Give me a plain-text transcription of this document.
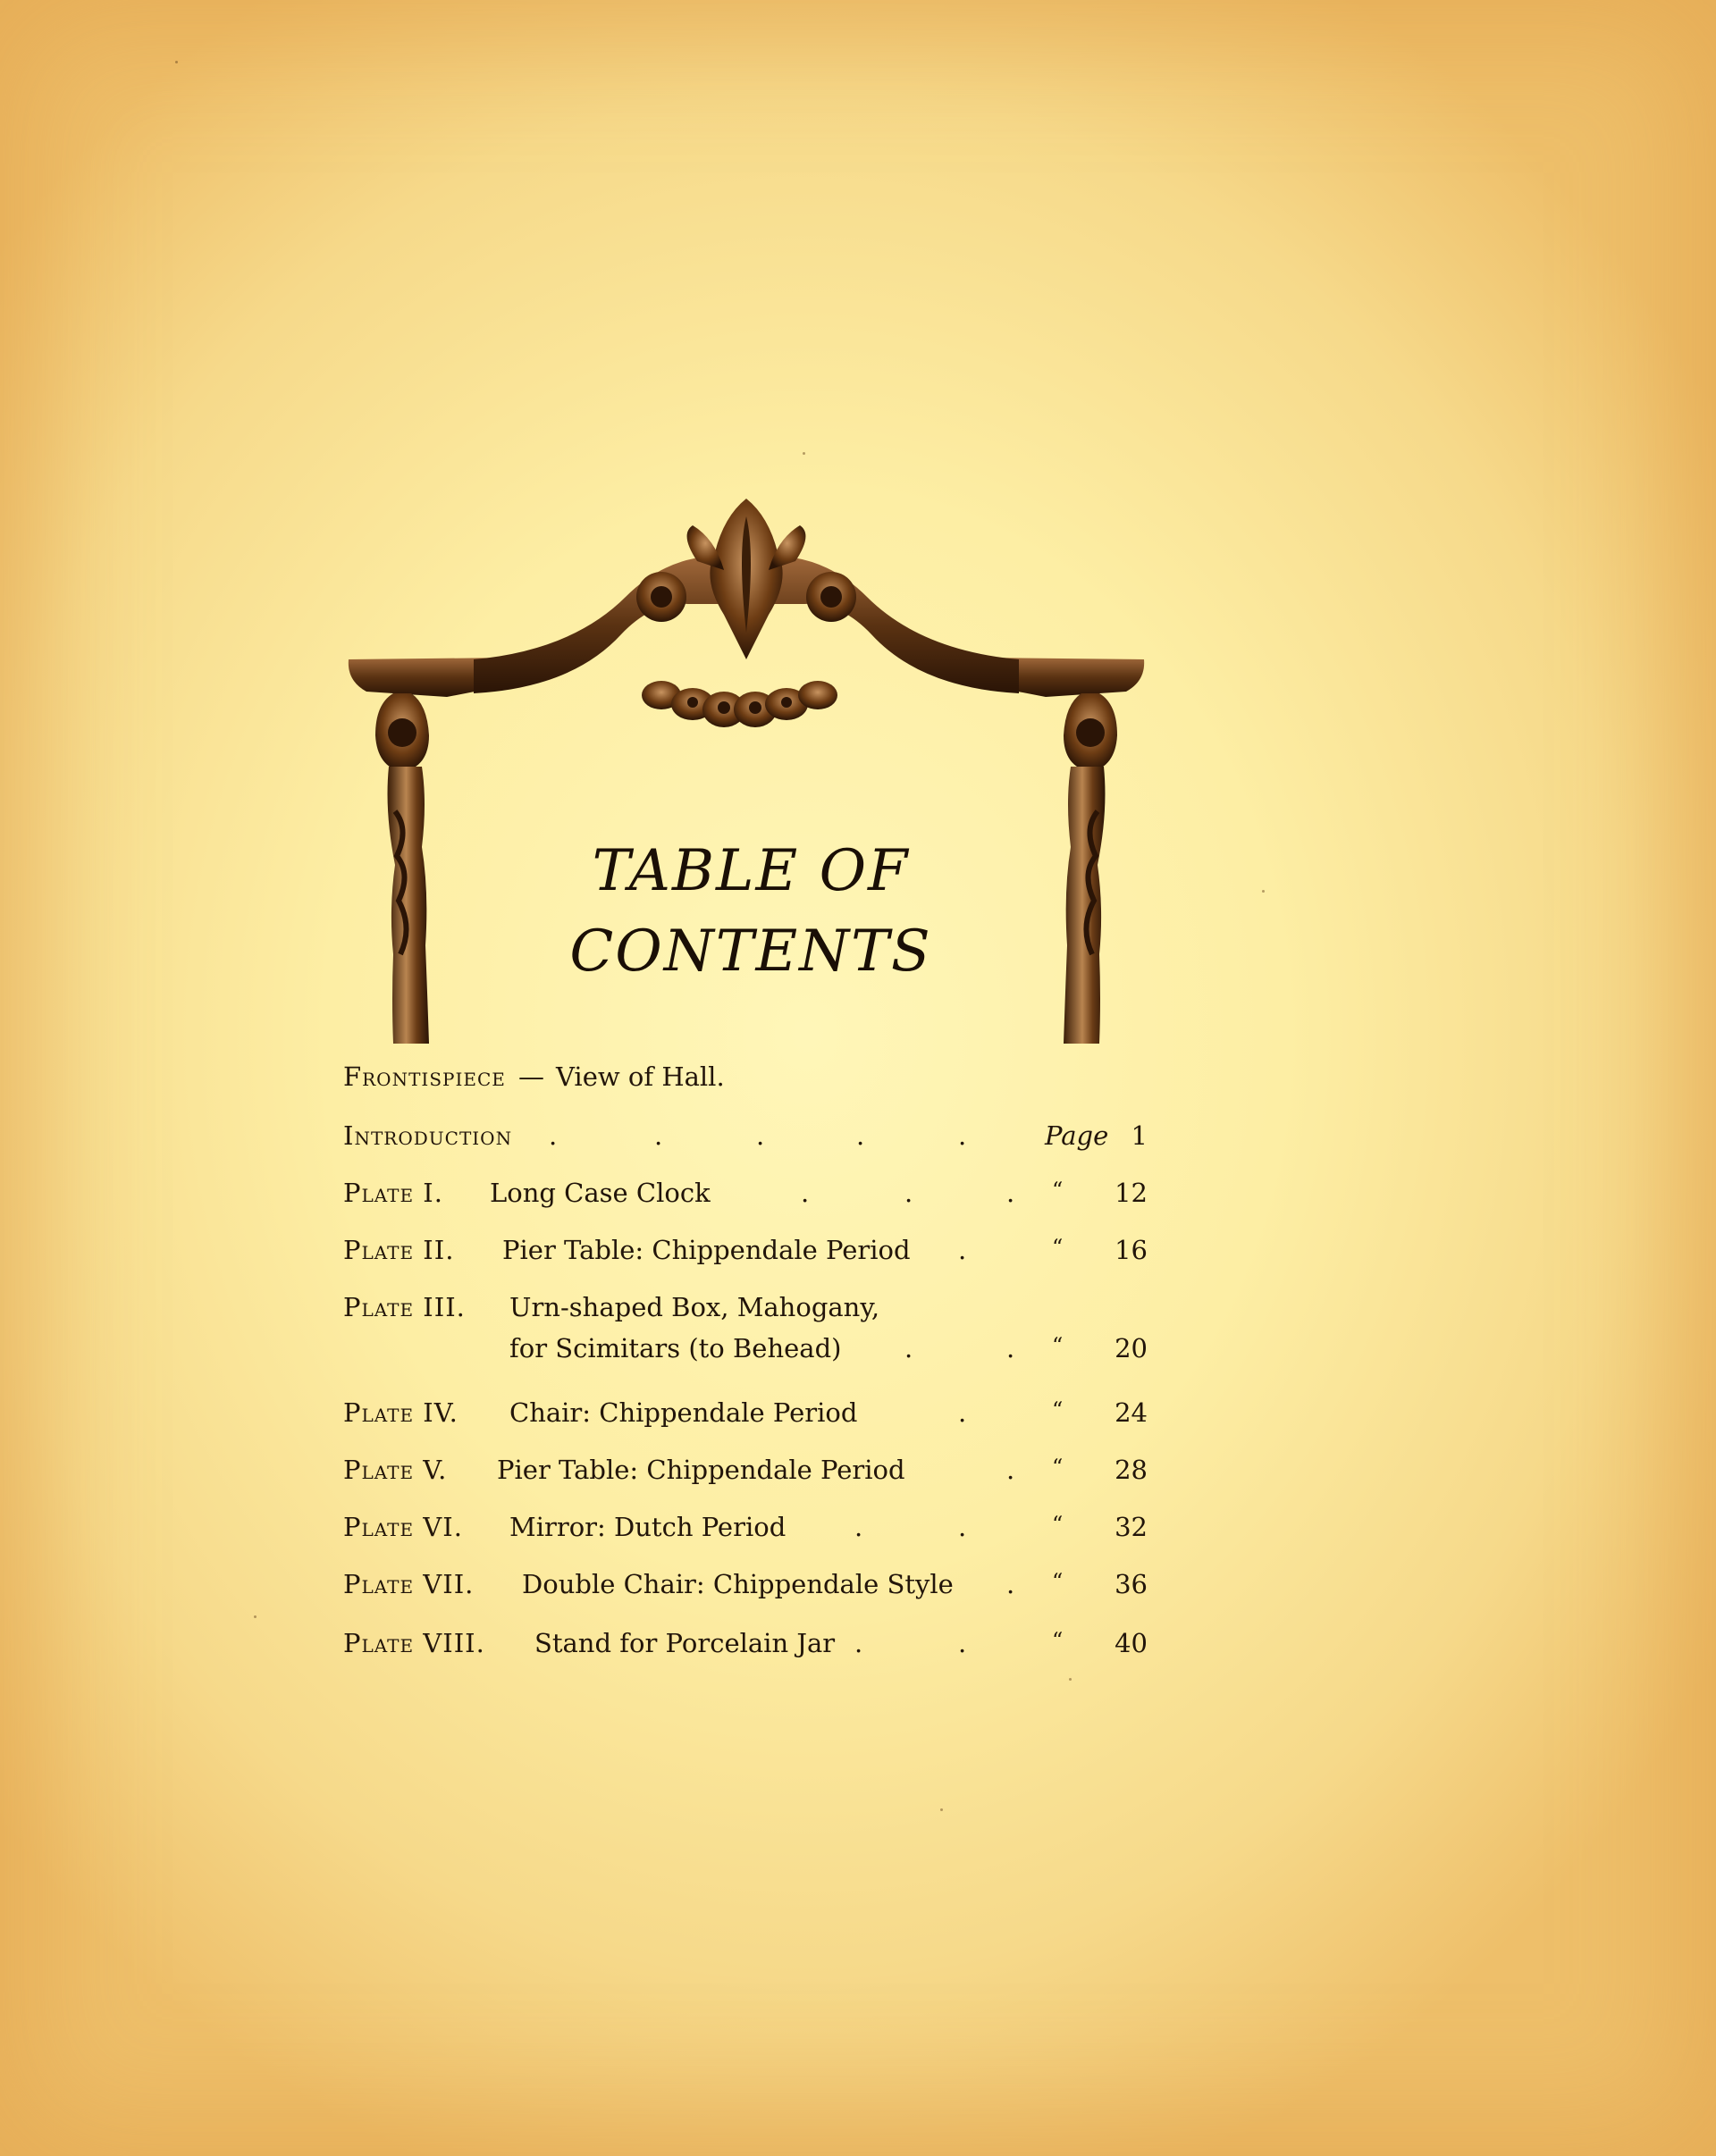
TABLE OF
CONTENTS
Frontispiece — View of Hall.
Introduction .	.	.	.	.	Page 1
Plate I. Long Case Clock	.	.	. “	12
Plate II. Pier Table: Chippendale Period .	“	16
Plate III. Urn-shaped Box, Mahogany,
for Scimitars (to Behead) .	. “	20
Plate IV. Chair: Chippendale Period	.	“	24
Plate V. Pier Table: Chippendale Period	. “	28
Plate VI. Mirror: Dutch Period	.	.	“	32
Plate VII. Double Chair: Chippendale Style . “	36
Plate VIII. Stand for Porcelain Jar .	.	“	40
